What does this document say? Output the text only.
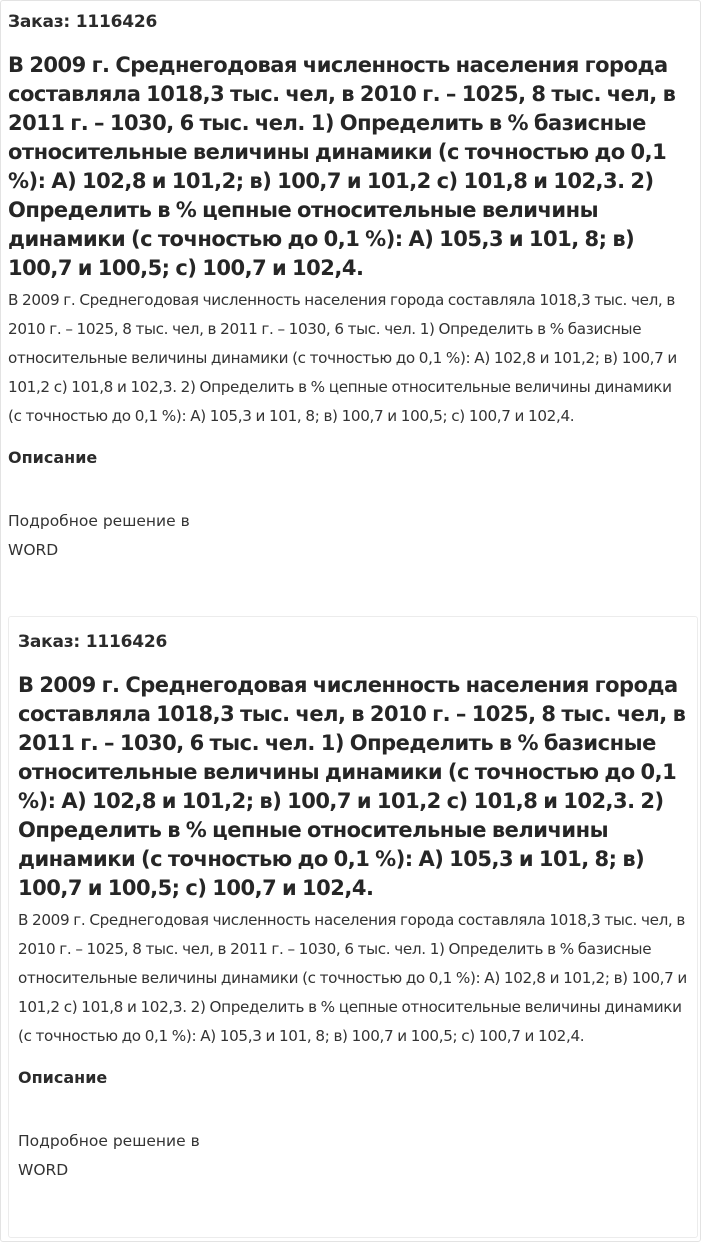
Заказ: 1116426

В 2009 г. Среднегодовая численность населения города составляла 1018,3 тыс. чел, в 2010 г. – 1025, 8 тыс. чел, в 2011 г. – 1030, 6 тыс. чел. 1) Определить в % базисные относительные величины динамики (с точностью до 0,1 %): А) 102,8 и 101,2; в) 100,7 и 101,2 с) 101,8 и 102,3. 2) Определить в % цепные относительные величины динамики (с точностью до 0,1 %): А) 105,3 и 101, 8; в) 100,7 и 100,5; с) 100,7 и 102,4.

В 2009 г. Среднегодовая численность населения города составляла 1018,3 тыс. чел, в 2010 г. – 1025, 8 тыс. чел, в 2011 г. – 1030, 6 тыс. чел. 1) Определить в % базисные относительные величины динамики (с точностью до 0,1 %): А) 102,8 и 101,2; в) 100,7 и 101,2 с) 101,8 и 102,3. 2) Определить в % цепные относительные величины динамики (с точностью до 0,1 %): А) 105,3 и 101, 8; в) 100,7 и 100,5; с) 100,7 и 102,4.

Описание

Подробное решение в WORD

Заказ: 1116426

В 2009 г. Среднегодовая численность населения города составляла 1018,3 тыс. чел, в 2010 г. – 1025, 8 тыс. чел, в 2011 г. – 1030, 6 тыс. чел. 1) Определить в % базисные относительные величины динамики (с точностью до 0,1 %): А) 102,8 и 101,2; в) 100,7 и 101,2 с) 101,8 и 102,3. 2) Определить в % цепные относительные величины динамики (с точностью до 0,1 %): А) 105,3 и 101, 8; в) 100,7 и 100,5; с) 100,7 и 102,4.

В 2009 г. Среднегодовая численность населения города составляла 1018,3 тыс. чел, в 2010 г. – 1025, 8 тыс. чел, в 2011 г. – 1030, 6 тыс. чел. 1) Определить в % базисные относительные величины динамики (с точностью до 0,1 %): А) 102,8 и 101,2; в) 100,7 и 101,2 с) 101,8 и 102,3. 2) Определить в % цепные относительные величины динамики (с точностью до 0,1 %): А) 105,3 и 101, 8; в) 100,7 и 100,5; с) 100,7 и 102,4.

Описание

Подробное решение в WORD
